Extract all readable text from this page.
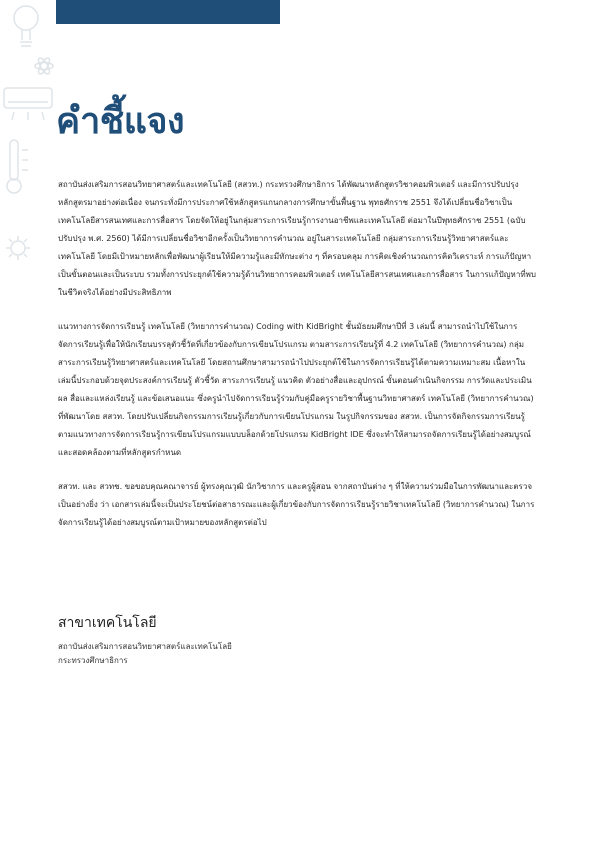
คำชี้แจง

สถาบันส่งเสริมการสอนวิทยาศาสตร์และเทคโนโลยี (สสวท.) กระทรวงศึกษาธิการ ได้พัฒนาหลักสูตรวิชาคอมพิวเตอร์ และมีการปรับปรุงหลักสูตรมาอย่างต่อเนื่อง จนกระทั่งมีการประกาศใช้หลักสูตรแกนกลางการศึกษาขั้นพื้นฐาน พุทธศักราช 2551 จึงได้เปลี่ยนชื่อวิชาเป็น เทคโนโลยีสารสนเทศและการสื่อสาร โดยจัดให้อยู่ในกลุ่มสาระการเรียนรู้การงานอาชีพและเทคโนโลยี ต่อมาในปีพุทธศักราช 2551 (ฉบับปรับปรุง พ.ศ. 2560) ได้มีการเปลี่ยนชื่อวิชาอีกครั้งเป็นวิทยาการคำนวณ อยู่ในสาระเทคโนโลยี กลุ่มสาระการเรียนรู้วิทยาศาสตร์และเทคโนโลยี โดยมีเป้าหมายหลักเพื่อพัฒนาผู้เรียนให้มีความรู้และมีทักษะต่าง ๆ ที่ครอบคลุม การคิดเชิงคำนวณการคิดวิเคราะห์ การแก้ปัญหาเป็นขั้นตอนและเป็นระบบ รวมทั้งการประยุกต์ใช้ความรู้ด้านวิทยาการคอมพิวเตอร์ เทคโนโลยีสารสนเทศและการสื่อสาร ในการแก้ปัญหาที่พบในชีวิตจริงได้อย่างมีประสิทธิภาพ

แนวทางการจัดการเรียนรู้ เทคโนโลยี (วิทยาการคำนวณ) Coding with KidBright ชั้นมัธยมศึกษาปีที่ 3 เล่มนี้ สามารถนำไปใช้ในการจัดการเรียนรู้เพื่อให้นักเรียนบรรลุตัวชี้วัดที่เกี่ยวข้องกับการเขียนโปรแกรม ตามสาระการเรียนรู้ที่ 4.2 เทคโนโลยี (วิทยาการคำนวณ) กลุ่มสาระการเรียนรู้วิทยาศาสตร์และเทคโนโลยี โดยสถานศึกษาสามารถนำไปประยุกต์ใช้ในการจัดการเรียนรู้ได้ตามความเหมาะสม เนื้อหาในเล่มนี้ประกอบด้วยจุดประสงค์การเรียนรู้ ตัวชี้วัด สาระการเรียนรู้ แนวคิด ตัวอย่างสื่อและอุปกรณ์ ขั้นตอนดำเนินกิจกรรม การวัดและประเมินผล สื่อและแหล่งเรียนรู้ และข้อเสนอแนะ ซึ่งครูนำไปจัดการเรียนรู้ร่วมกับคู่มือครูรายวิชาพื้นฐานวิทยาศาสตร์ เทคโนโลยี (วิทยาการคำนวณ) ที่พัฒนาโดย สสวท. โดยปรับเปลี่ยนกิจกรรมการเรียนรู้เกี่ยวกับการเขียนโปรแกรม ในรูปกิจกรรมของ สสวท. เป็นการจัดกิจกรรมการเรียนรู้ตามแนวทางการจัดการเรียนรู้การเขียนโปรแกรมแบบบล็อกด้วยโปรแกรม KidBright IDE ซึ่งจะทำให้สามารถจัดการเรียนรู้ได้อย่างสมบูรณ์และสอดคล้องตามที่หลักสูตรกำหนด

สสวท. และ สวทช. ขอขอบคุณคณาจารย์ ผู้ทรงคุณวุฒิ นักวิชาการ และครูผู้สอน จากสถาบันต่าง ๆ ที่ให้ความร่วมมือในการพัฒนาและตรวจเป็นอย่างยิ่ง ว่า เอกสารเล่มนี้จะเป็นประโยชน์ต่อสาธารณะและผู้เกี่ยวข้องกับการจัดการเรียนรู้รายวิชาเทคโนโลยี (วิทยาการคำนวณ) ในการจัดการเรียนรู้ได้อย่างสมบูรณ์ตามเป้าหมายของหลักสูตรต่อไป

สาขาเทคโนโลยี

สถาบันส่งเสริมการสอนวิทยาศาสตร์และเทคโนโลยี

กระทรวงศึกษาธิการ
